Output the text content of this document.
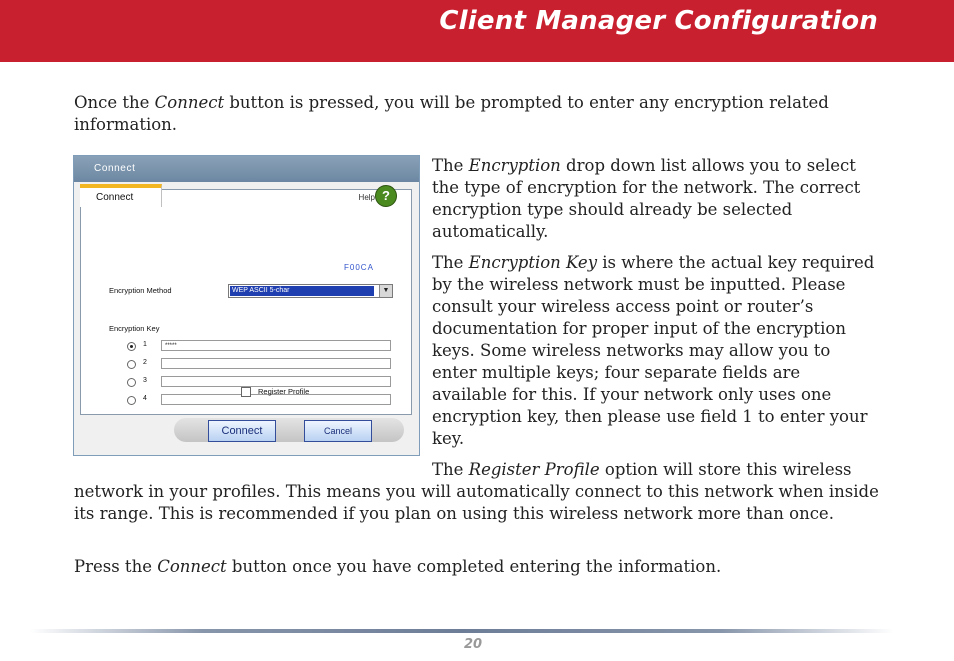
Client Manager Configuration

Once the Connect button is pressed, you will be prompted to enter any encryption related information.

Connect
F00CA
Encryption Method	WEP ASCII 5-char	▼
Encryption Key
1	*****
2
3
4
Connect	Help ?
Register Profile
Connect	Cancel

The Encryption drop down list allows you to select the type of encryption for the network. The correct encryption type should already be selected automatically.

The Encryption Key is where the actual key required by the wireless network must be inputted. Please consult your wireless access point or router’s documentation for proper input of the encryption keys. Some wireless networks may allow you to enter multiple keys; four separate fields are available for this. If your network only uses one encryption key, then please use field 1 to enter your key.

The Register Profile option will store this wireless

network in your profiles. This means you will automatically connect to this network when inside its range. This is recommended if you plan on using this wireless network more than once.

Press the Connect button once you have completed entering the information.

20
